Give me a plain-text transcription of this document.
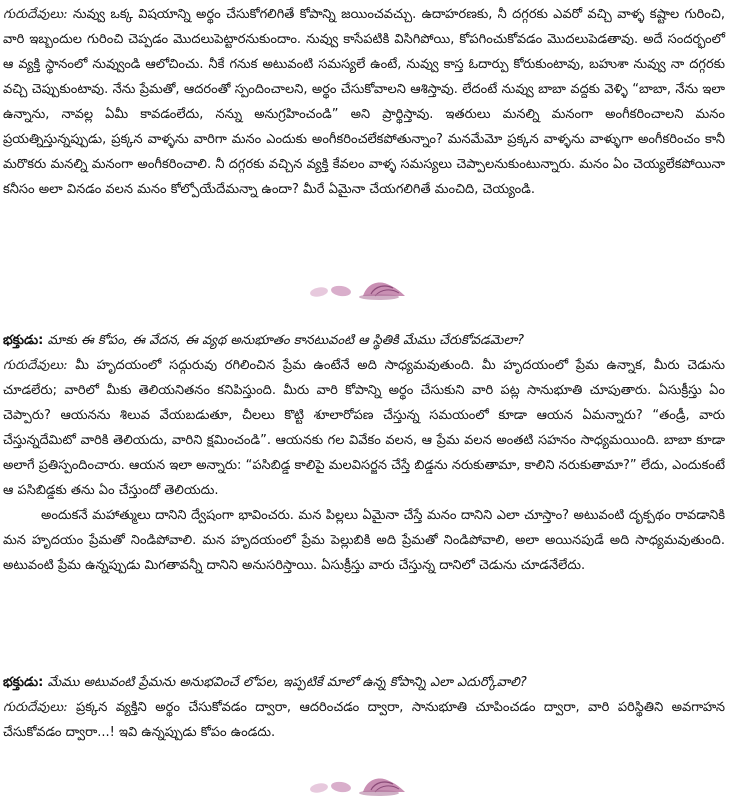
గురుదేవులు: నువ్వు ఒక్క విషయాన్ని అర్థం చేసుకోగలిగితే కోపాన్ని జయించవచ్చు. ఉదాహరణకు, నీ దగ్గరకు ఎవరో వచ్చి వాళ్ళ కష్టాల గురించి, వారి ఇబ్బందుల గురించి చెప్పడం మొదలుపెట్టారనుకుందాం. నువ్వు కాసేపటికి విసిగిపోయి, కోపగించుకోవడం మొదలుపెడతావు. అదే సందర్భంలో ఆ వ్యక్తి స్థానంలో నువ్వుండి ఆలోచించు. నీకే గనుక అటువంటి సమస్యలే ఉంటే, నువ్వు కాస్త ఓదార్పు కోరుకుంటావు, బహుశా నువ్వు నా దగ్గరకు వచ్చి చెప్పుకుంటావు. నేను ప్రేమతో, ఆదరంతో స్పందించాలని, అర్థం చేసుకోవాలని ఆశిస్తావు. లేదంటే నువ్వు బాబా వద్దకు వెళ్ళి “బాబా, నేను ఇలా ఉన్నాను, నావల్ల ఏమీ కావడంలేదు, నన్ను అనుగ్రహించండి” అని ప్రార్థిస్తావు. ఇతరులు మనల్ని మనంగా అంగీకరించాలని మనం ప్రయత్నిస్తున్నప్పుడు, ప్రక్కన వాళ్ళను వారిగా మనం ఎందుకు అంగీకరించలేకపోతున్నాం? మనమేమో ప్రక్కన వాళ్ళను వాళ్ళుగా అంగీకరించం కానీ మరొకరు మనల్ని మనంగా అంగీకరించాలి. నీ దగ్గరకు వచ్చిన వ్యక్తి కేవలం వాళ్ళ సమస్యలు చెప్పాలనుకుంటున్నారు. మనం ఏం చెయ్యలేకపోయినా కనీసం అలా వినడం వలన మనం కోల్పోయేదేమన్నా ఉందా? మీరే ఏమైనా చేయగలిగితే మంచిది, చెయ్యండి.

భక్తుడు: మాకు ఈ కోపం, ఈ వేదన, ఈ వ్యథ అనుభూతం కానటువంటి ఆ స్థితికి మేము చేరుకోవడమెలా?

గురుదేవులు: మీ హృదయంలో సద్గురువు రగిలించిన ప్రేమ ఉంటేనే అది సాధ్యమవుతుంది. మీ హృదయంలో ప్రేమ ఉన్నాక, మీరు చెడును చూడలేరు; వారిలో మీకు తెలియనితనం కనిపిస్తుంది. మీరు వారి కోపాన్ని అర్థం చేసుకుని వారి పట్ల సానుభూతి చూపుతారు. ఏసుక్రీస్తు ఏం చెప్పారు? ఆయనను శిలువ వేయబడుతూ, చీలలు కొట్టి శూలారోపణ చేస్తున్న సమయంలో కూడా ఆయన ఏమన్నారు? “తండ్రీ, వారు చేస్తున్నదేమిటో వారికి తెలియదు, వారిని క్షమించండి”. ఆయనకు గల వివేకం వలన, ఆ ప్రేమ వలన అంతటి సహనం సాధ్యమయింది. బాబా కూడా అలాగే ప్రతిస్పందించారు. ఆయన ఇలా అన్నారు: “పసిబిడ్డ కాలిపై మలవిసర్జన చేస్తే బిడ్డను నరుకుతామా, కాలిని నరుకుతామా?” లేదు, ఎందుకంటే ఆ పసిబిడ్డకు తను ఏం చేస్తుందో తెలియదు.

అందుకనే మహాత్ములు దానిని ద్వేషంగా భావించరు. మన పిల్లలు ఏమైనా చేస్తే మనం దానిని ఎలా చూస్తాం? అటువంటి దృక్పథం రావడానికి మన హృదయం ప్రేమతో నిండిపోవాలి. మన హృదయంలో ప్రేమ పెల్లుబికి అది ప్రేమతో నిండిపోవాలి, అలా అయినపుడే అది సాధ్యమవుతుంది. అటువంటి ప్రేమ ఉన్నప్పుడు మిగతావన్నీ దానిని అనుసరిస్తాయి. ఏసుక్రీస్తు వారు చేస్తున్న దానిలో చెడును చూడనేలేదు.

భక్తుడు: మేము అటువంటి ప్రేమను అనుభవించే లోపల, ఇప్పటికే మాలో ఉన్న కోపాన్ని ఎలా ఎదుర్కోవాలి?

గురుదేవులు: ప్రక్కన వ్యక్తిని అర్థం చేసుకోవడం ద్వారా, ఆదరించడం ద్వారా, సానుభూతి చూపించడం ద్వారా, వారి పరిస్థితిని అవగాహన చేసుకోవడం ద్వారా...! ఇవి ఉన్నప్పుడు కోపం ఉండదు.
